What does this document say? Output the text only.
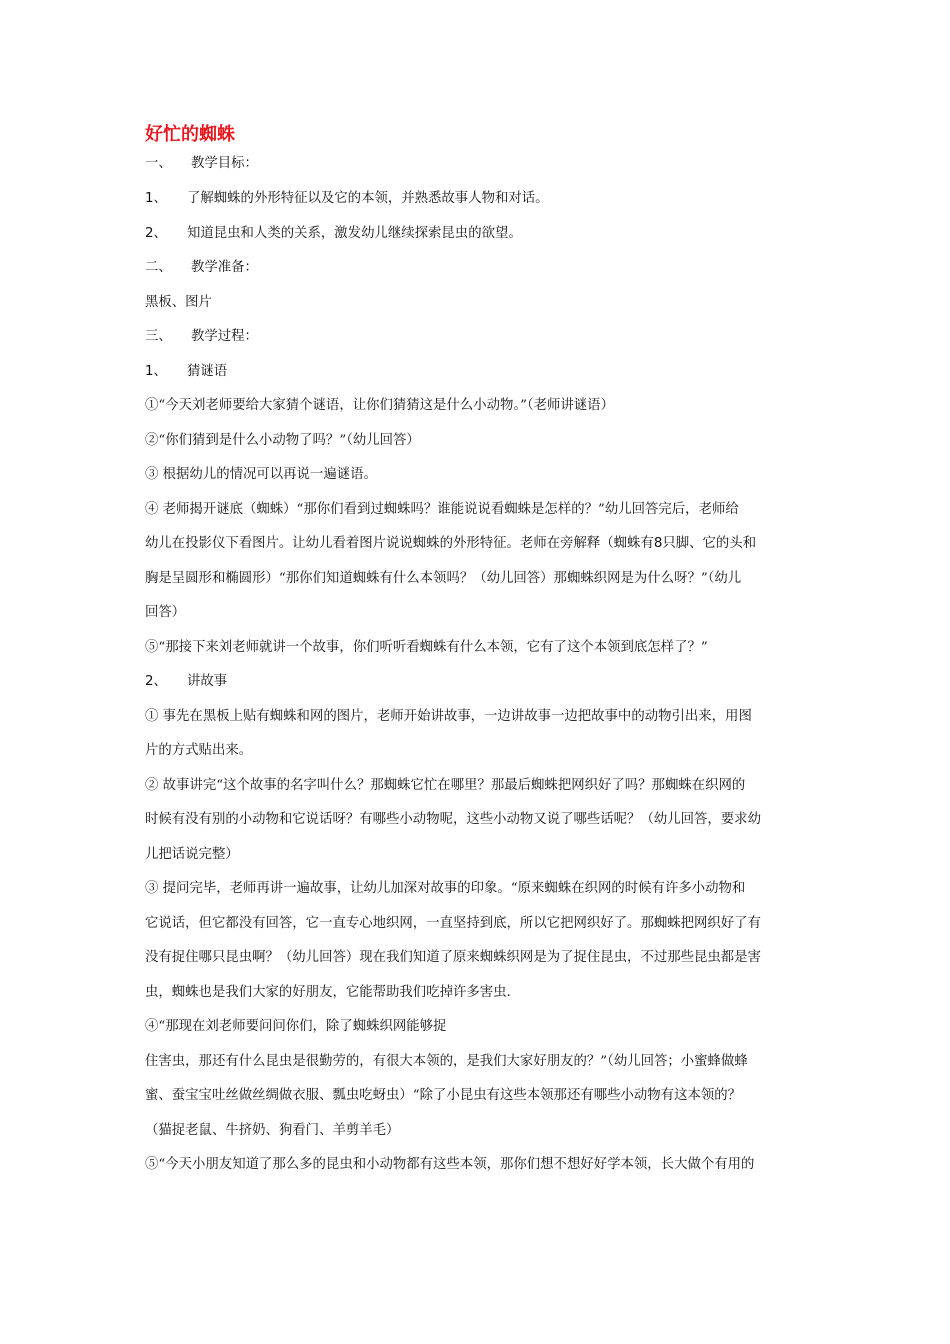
好忙的蜘蛛

一、 教学目标：

1、 了解蜘蛛的外形特征以及它的本领，并熟悉故事人物和对话。

2、 知道昆虫和人类的关系，激发幼儿继续探索昆虫的欲望。

二、 教学准备：

黑板、图片

三、 教学过程：

1、 猜谜语

①“今天刘老师要给大家猜个谜语，让你们猜猜这是什么小动物。”（老师讲谜语）

②“你们猜到是什么小动物了吗？”（幼儿回答）

③ 根据幼儿的情况可以再说一遍谜语。

④ 老师揭开谜底（蜘蛛）“那你们看到过蜘蛛吗？谁能说说看蜘蛛是怎样的？”幼儿回答完后，老师给
幼儿在投影仪下看图片。让幼儿看着图片说说蜘蛛的外形特征。老师在旁解释（蜘蛛有8只脚、它的头和
胸是呈圆形和椭圆形）“那你们知道蜘蛛有什么本领吗？（幼儿回答）那蜘蛛织网是为什么呀？”（幼儿
回答）

⑤“那接下来刘老师就讲一个故事，你们听听看蜘蛛有什么本领，它有了这个本领到底怎样了？”

2、 讲故事

① 事先在黑板上贴有蜘蛛和网的图片，老师开始讲故事，一边讲故事一边把故事中的动物引出来，用图
片的方式贴出来。
② 故事讲完“这个故事的名字叫什么？那蜘蛛它忙在哪里？那最后蜘蛛把网织好了吗？那蜘蛛在织网的
时候有没有别的小动物和它说话呀？有哪些小动物呢，这些小动物又说了哪些话呢？（幼儿回答，要求幼
儿把话说完整）
③ 提问完毕，老师再讲一遍故事，让幼儿加深对故事的印象。“原来蜘蛛在织网的时候有许多小动物和
它说话，但它都没有回答，它一直专心地织网，一直坚持到底，所以它把网织好了。那蜘蛛把网织好了有
没有捉住哪只昆虫啊？（幼儿回答）现在我们知道了原来蜘蛛织网是为了捉住昆虫，不过那些昆虫都是害
虫，蜘蛛也是我们大家的好朋友，它能帮助我们吃掉许多害虫.
④“那现在刘老师要问问你们，除了蜘蛛织网能够捉
住害虫，那还有什么昆虫是很勤劳的，有很大本领的，是我们大家好朋友的？”（幼儿回答；小蜜蜂做蜂
蜜、蚕宝宝吐丝做丝绸做衣服、瓢虫吃蚜虫）“除了小昆虫有这些本领那还有哪些小动物有这本领的？
（猫捉老鼠、牛挤奶、狗看门、羊剪羊毛）

⑤“今天小朋友知道了那么多的昆虫和小动物都有这些本领，那你们想不想好好学本领，长大做个有用的
